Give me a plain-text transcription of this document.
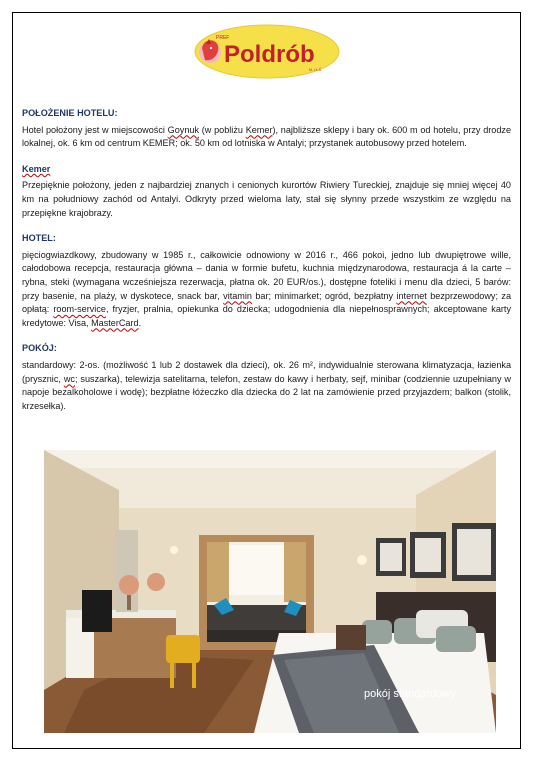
PREF
Poldrób
M. I.Ł.Ś.
POŁOŻENIE HOTELU:
Hotel położony jest w miejscowości Goynuk (w pobliżu Kemer), najbliższe sklepy i bary ok. 600 m od hotelu, przy drodze lokalnej, ok. 6 km od centrum KEMER; ok. 50 km od lotniska w Antalyi; przystanek autobusowy przed hotelem.
Kemer
Przepięknie położony, jeden z najbardziej znanych i cenionych kurortów Riwiery Tureckiej, znajduje się mniej więcej 40 km na południowy zachód od Antalyi. Odkryty przed wieloma laty, stał się słynny przede wszystkim ze względu na przepiękne krajobrazy.
HOTEL:
pięciogwiazdkowy, zbudowany w 1985 r., całkowicie odnowiony w 2016 r., 466 pokoi, jedno lub dwupiętrowe wille, całodobowa recepcja, restauracja główna – dania w formie bufetu, kuchnia międzynarodowa, restauracja á la carte – rybna, steki (wymagana wcześniejsza rezerwacja, płatna ok. 20 EUR/os.), dostępne foteliki i menu dla dzieci, 5 barów: przy basenie, na plaży, w dyskotece, snack bar, vitamin bar; minimarket; ogród, bezpłatny internet bezprzewodowy; za opłatą: room-service, fryzjer, pralnia, opiekunka do dziecka; udogodnienia dla niepełnosprawnych; akceptowane karty kredytowe: Visa, MasterCard.
POKÓJ:
standardowy: 2-os. (możliwość 1 lub 2 dostawek dla dzieci), ok. 26 m², indywidualnie sterowana klimatyzacja, łazienka (prysznic, wc; suszarka), telewizja satelitarna, telefon, zestaw do kawy i herbaty, sejf, minibar (codziennie uzupełniany w napoje bezalkoholowe i wodę); bezpłatne łóżeczko dla dziecka do 2 lat na zamówienie przed przyjazdem; balkon (stolik, krzesełka).
pokój standardowy
